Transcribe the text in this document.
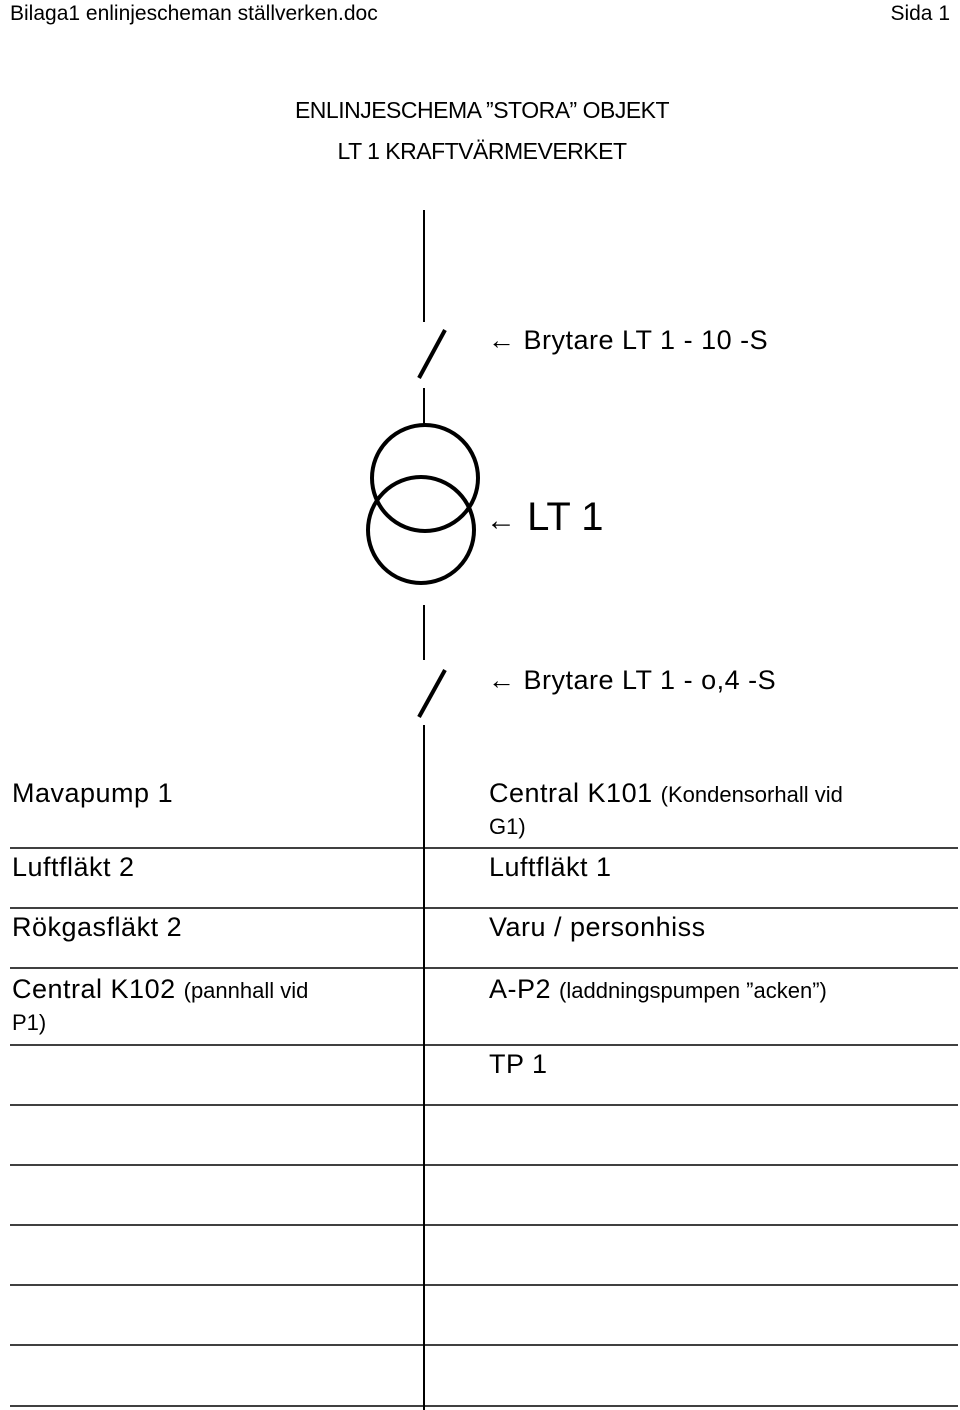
Bilaga1 enlinjescheman ställverken.doc	Sida 1
ENLINJESCHEMA ”STORA” OBJEKT
LT 1 KRAFTVÄRMEVERKET
← Brytare LT 1 - 10 -S
← LT 1
← Brytare LT 1 - o,4 -S
Mavapump 1
Luftfläkt 2
Rökgasfläkt 2
Central K102 (pannhall vid
P1)
Central K101 (Kondensorhall vid
G1)
Luftfläkt 1
Varu / personhiss
A-P2 (laddningspumpen ”acken”)
TP 1
